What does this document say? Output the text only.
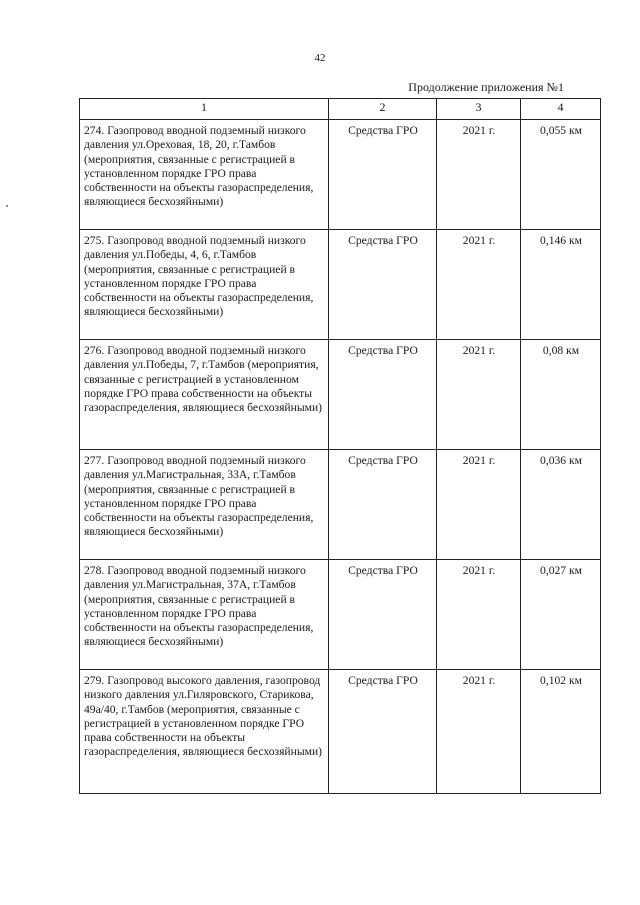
42
Продолжение приложения №1
1	2	3	4
274. Газопровод вводной подземный низкого давления ул.Ореховая, 18, 20, г.Тамбов (мероприятия, связанные с регистрацией в установленном порядке ГРО права собственности на объекты газораспределения, являющиеся бесхозяйными)	Средства ГРО	2021 г.	0,055 км
275. Газопровод вводной подземный низкого давления ул.Победы, 4, 6, г.Тамбов (мероприятия, связанные с регистрацией в установленном порядке ГРО права собственности на объекты газораспределения, являющиеся бесхозяйными)	Средства ГРО	2021 г.	0,146 км
276. Газопровод вводной подземный низкого давления ул.Победы, 7, г.Тамбов (мероприятия, связанные с регистрацией в установленном порядке ГРО права собственности на объекты газораспределения, являющиеся бесхозяйными)	Средства ГРО	2021 г.	0,08 км
277. Газопровод вводной подземный низкого давления ул.Магистральная, 33А, г.Тамбов (мероприятия, связанные с регистрацией в установленном порядке ГРО права собственности на объекты газораспределения, являющиеся бесхозяйными)	Средства ГРО	2021 г.	0,036 км
278. Газопровод вводной подземный низкого давления ул.Магистральная, 37А, г.Тамбов (мероприятия, связанные с регистрацией в установленном порядке ГРО права собственности на объекты газораспределения, являющиеся бесхозяйными)	Средства ГРО	2021 г.	0,027 км
279. Газопровод высокого давления, газопровод низкого давления ул.Гиляровского, Старикова, 49а/40, г.Тамбов (мероприятия, связанные с регистрацией в установленном порядке ГРО права собственности на объекты газораспределения, являющиеся бесхозяйными)	Средства ГРО	2021 г.	0,102 км
